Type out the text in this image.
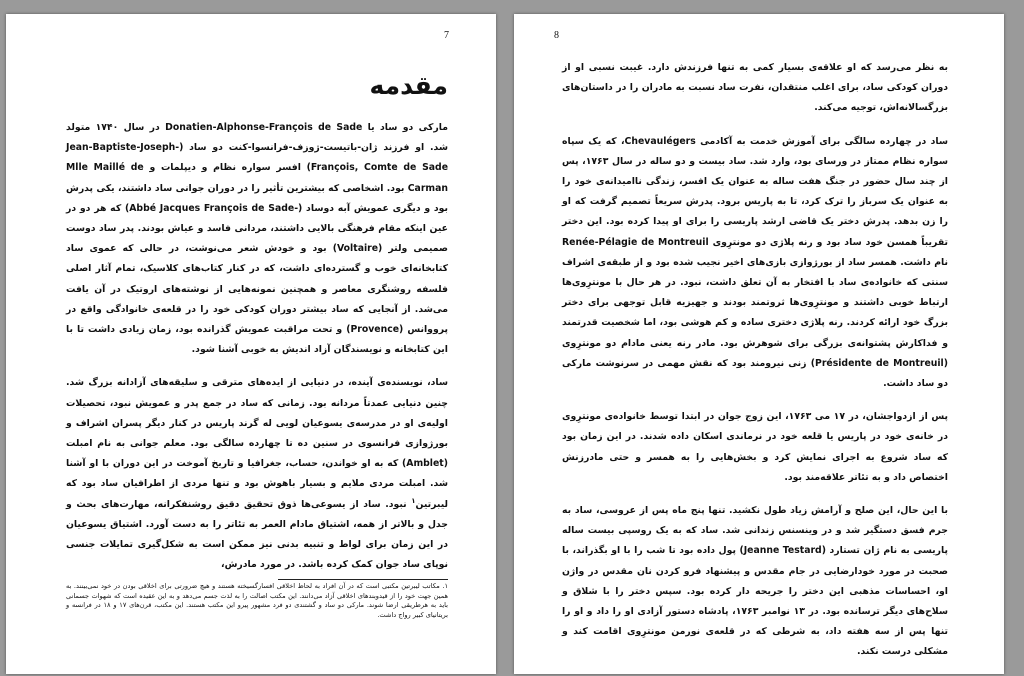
7
مقدمه

مارکی دو ساد یا Donatien-Alphonse-François de Sade در سال ۱۷۴۰ متولد شد. او فرزند ژان-باتیست-ژوزف-فرانسوا-کنت دو ساد (Jean-Baptiste-Joseph-François, Comte de Sade) افسر سواره نظام و دیپلمات و Mlle Maillé de Carman بود. اشخاصی که بیشترین تأثیر را در دوران جوانی ساد داشتند، یکی پدرش بود و دیگری عمویش آبه دوساد (-Abbé Jacques François de Sade) که هر دو در عین اینکه مقام فرهنگی بالایی داشتند، مردانی فاسد و عیاش بودند. پدر ساد دوست صمیمی ولتر (Voltaire) بود و خودش شعر می‌نوشت، در حالی که عموی ساد کتابخانه‌ای خوب و گسترده‌ای داشت، که در کنار کتاب‌های کلاسیک، تمام آثار اصلی فلسفه روشنگری معاصر و همچنین نمونه‌هایی از نوشته‌های اروتیک در آن یافت می‌شد. از آنجایی که ساد بیشتر دوران کودکی خود را در قلعه‌ی خانوادگی واقع در پرووانس (Provence) و تحت مراقبت عمویش گذرانده بود، زمان زیادی داشت تا با این کتابخانه و نویسندگان آزاد اندیش به خوبی آشنا شود.

ساد، نویسنده‌ی آینده، در دنیایی از ایده‌های مترقی و سلیقه‌های آزادانه بزرگ شد. چنین دنیایی عمدتاً مردانه بود. زمانی که ساد در جمع پدر و عمویش نبود، تحصیلات اولیه‌ی او در مدرسه‌ی یسوعیان لویی له گرند پاریس در کنار دیگر پسران اشراف و بورژوازی فرانسوی در سنین ده تا چهارده سالگی بود. معلم جوانی به نام امبلت (Amblet) که به او خواندن، حساب، جغرافیا و تاریخ آموخت در این دوران با او آشنا شد. امبلت مردی ملایم و بسیار باهوش بود و تنها مردی از اطرافیان ساد بود که لیبرتین$^۱$ نبود. ساد از یسوعی‌ها ذوق تحقیق دقیق روشنفکرانه، مهارت‌های بحث و جدل و بالاتر از همه، اشتیاق مادام العمر به تئاتر را به دست آورد. اشتیاق یسوعیان در این زمان برای لواط و تنبیه بدنی نیز ممکن است به شکل‌گیری تمایلات جنسی نوپای ساد جوان کمک کرده باشد. در مورد مادرش،

۱. مکاتب لیبرتین مکتبی است که در آن افراد به لحاظ اخلاقی افسارگسیخته هستند و هیچ ضرورتی برای اخلاقی بودن در خود نمی‌بینند. به همین جهت خود را از قیدوبندهای اخلاقی آزاد می‌دانند. این مکتب اصالت را به لذت جسم می‌دهد و به این عقیده است که شهوات جسمانی باید به هرطریقی ارضا شوند. مارکی دو ساد و گشتندی دو فرد مشهور پیرو این مکتب هستند. این مکتب، قرن‌های ۱۷ و ۱۸ در فرانسه و بریتانیای کبیر رواج داشت.
8

به نظر می‌رسد که او علاقه‌ی بسیار کمی به تنها فرزندش دارد. غیبت نسبی او از دوران کودکی ساد، برای اغلب منتقدان، نفرت ساد نسبت به مادران را در داستان‌های بزرگسالانه‌اش، توجیه می‌کند.

ساد در چهارده سالگی برای آموزش خدمت به آکادمی Chevaulégers، که یک سپاه سواره نظام ممتاز در ورسای بود، وارد شد. ساد بیست و دو ساله در سال ۱۷۶۳، پس از چند سال حضور در جنگ هفت ساله به عنوان یک افسر، زندگی ناامیدانه‌ی خود را به عنوان یک سرباز را ترک کرد، تا به پاریس برود. پدرش سریعاً تصمیم گرفت که او را زن بدهد. پدرش دختر یک قاضی ارشد پاریسی را برای او پیدا کرده بود. این دختر تقریباً همسن خود ساد بود و رنه پلاژی دو مونترِوی Renée-Pélagie de Montreuil نام داشت. همسر ساد از بورژوازی بازی‌های اخیر نجیب شده بود و از طبقه‌ی اشراف سنتی که خانواده‌ی ساد با افتخار به آن تعلق داشت، نبود. در هر حال با مونترِوی‌ها ارتباط خوبی داشتند و مونترِوی‌ها ثروتمند بودند و جهیزیه قابل توجهی برای دختر بزرگ خود ارائه کردند. رنه پلاژی دختری ساده و کم هوشی بود، اما شخصیت قدرتمند و فداکارش پشتوانه‌ی بزرگی برای شوهرش بود. مادر رنه یعنی مادام دو مونترِوی (Présidente de Montreuil) زنی نیرومند بود که نقش مهمی در سرنوشت مارکی دو ساد داشت.

پس از ازدواجشان، در ۱۷ می ۱۷۶۳، این زوج جوان در ابتدا توسط خانواده‌ی مونترِوی در خانه‌ی خود در پاریس یا قلعه خود در نرماندی اسکان داده شدند. در این زمان بود که ساد شروع به اجرای نمایش کرد و بخش‌هایی را به همسر و حتی مادرزنش اختصاص داد و به تئاتر علاقه‌مند بود.

با این حال، این صلح و آرامش زیاد طول نکشید. تنها پنج ماه پس از عروسی، ساد به جرم فسق دستگیر شد و در وینسنس زندانی شد. ساد که به یک روسپی بیست ساله پاریسی به نام ژان تستارد (Jeanne Testard) پول داده بود تا شب را با او بگذراند، با صحبت در مورد خودارضایی در جام مقدس و پیشنهاد فرو کردن نان مقدس در واژن او، احساسات مذهبی این دختر را جریحه دار کرده بود. سپس دختر را با شلاق و سلاح‌های دیگر ترسانده بود. در ۱۳ نوامبر ۱۷۶۳، پادشاه دستور آزادی او را داد و او را تنها پس از سه هفته داد، به شرطی که در قلعه‌ی نورمن مونترِوی اقامت کند و مشکلی درست نکند.
